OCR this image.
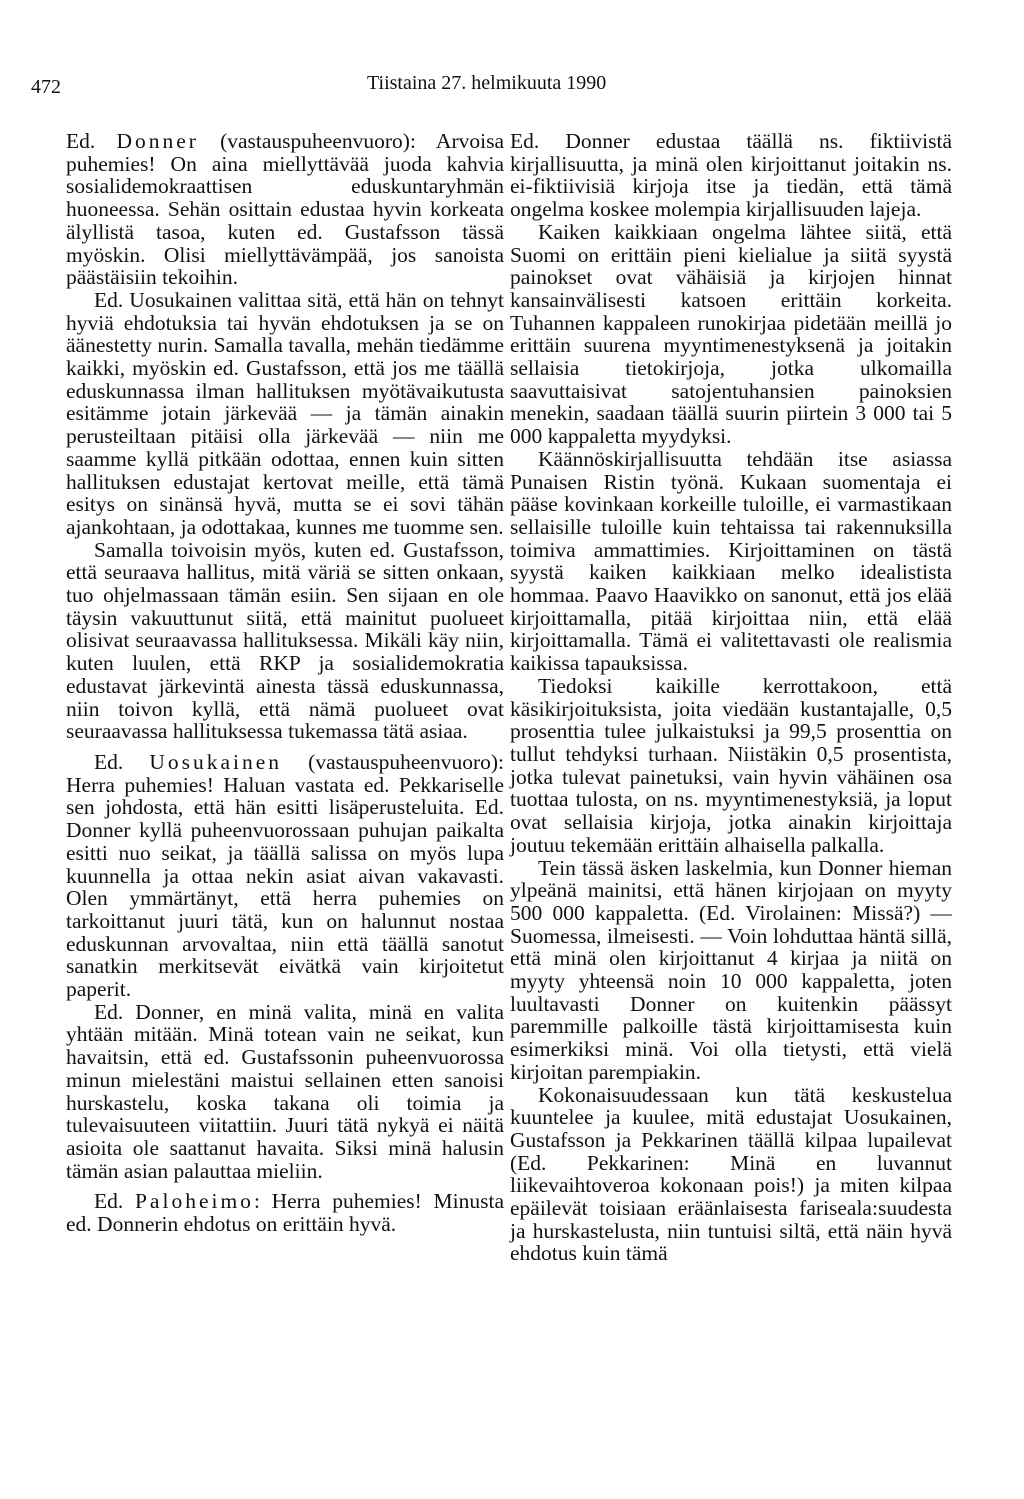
472	Tiistaina 27. helmikuuta 1990

Ed. Donner (vastauspuheenvuoro): Arvoisa puhemies! On aina miellyttävää juoda kahvia sosialidemokraattisen eduskuntaryhmän huoneessa. Sehän osittain edustaa hyvin korkeata älyllistä tasoa, kuten ed. Gustafsson tässä myöskin. Olisi miellyttävämpää, jos sanoista päästäisiin tekoihin.

Ed. Uosukainen valittaa sitä, että hän on tehnyt hyviä ehdotuksia tai hyvän ehdotuksen ja se on äänestetty nurin. Samalla tavalla, mehän tiedämme kaikki, myöskin ed. Gustafsson, että jos me täällä eduskunnassa ilman hallituksen myötävaikutusta esitämme jotain järkevää — ja tämän ainakin perusteiltaan pitäisi olla järkevää — niin me saamme kyllä pitkään odottaa, ennen kuin sitten hallituksen edustajat kertovat meille, että tämä esitys on sinänsä hyvä, mutta se ei sovi tähän ajankohtaan, ja odottakaa, kunnes me tuomme sen.

Samalla toivoisin myös, kuten ed. Gustafsson, että seuraava hallitus, mitä väriä se sitten onkaan, tuo ohjelmassaan tämän esiin. Sen sijaan en ole täysin vakuuttunut siitä, että mainitut puolueet olisivat seuraavassa hallituksessa. Mikäli käy niin, kuten luulen, että RKP ja sosialidemokratia edustavat järkevintä ainesta tässä eduskunnassa, niin toivon kyllä, että nämä puolueet ovat seuraavassa hallituksessa tukemassa tätä asiaa.

Ed. Uosukainen (vastauspuheenvuoro): Herra puhemies! Haluan vastata ed. Pekkariselle sen johdosta, että hän esitti lisäperusteluita. Ed. Donner kyllä puheenvuorossaan puhujan paikalta esitti nuo seikat, ja täällä salissa on myös lupa kuunnella ja ottaa nekin asiat aivan vakavasti. Olen ymmärtänyt, että herra puhemies on tarkoittanut juuri tätä, kun on halunnut nostaa eduskunnan arvovaltaa, niin että täällä sanotut sanatkin merkitsevät eivätkä vain kirjoitetut paperit.

Ed. Donner, en minä valita, minä en valita yhtään mitään. Minä totean vain ne seikat, kun havaitsin, että ed. Gustafssonin puheenvuorossa minun mielestäni maistui sellainen etten sanoisi hurskastelu, koska takana oli toimia ja tulevaisuuteen viitattiin. Juuri tätä nykyä ei näitä asioita ole saattanut havaita. Siksi minä halusin tämän asian palauttaa mieliin.

Ed. Paloheimo: Herra puhemies! Minusta ed. Donnerin ehdotus on erittäin hyvä.

Ed. Donner edustaa täällä ns. fiktiivistä kirjallisuutta, ja minä olen kirjoittanut joitakin ns. ei-fiktiivisiä kirjoja itse ja tiedän, että tämä ongelma koskee molempia kirjallisuuden lajeja.

Kaiken kaikkiaan ongelma lähtee siitä, että Suomi on erittäin pieni kielialue ja siitä syystä painokset ovat vähäisiä ja kirjojen hinnat kansainvälisesti katsoen erittäin korkeita. Tuhannen kappaleen runokirjaa pidetään meillä jo erittäin suurena myyntimenestyksenä ja joitakin sellaisia tietokirjoja, jotka ulkomailla saavuttaisivat satojentuhansien painoksien menekin, saadaan täällä suurin piirtein 3 000 tai 5 000 kappaletta myydyksi.

Käännöskirjallisuutta tehdään itse asiassa Punaisen Ristin työnä. Kukaan suomentaja ei pääse kovinkaan korkeille tuloille, ei varmastikaan sellaisille tuloille kuin tehtaissa tai rakennuksilla toimiva ammattimies. Kirjoittaminen on tästä syystä kaiken kaikkiaan melko idealistista hommaa. Paavo Haavikko on sanonut, että jos elää kirjoittamalla, pitää kirjoittaa niin, että elää kirjoittamalla. Tämä ei valitettavasti ole realismia kaikissa tapauksissa.

Tiedoksi kaikille kerrottakoon, että käsikirjoituksista, joita viedään kustantajalle, 0,5 prosenttia tulee julkaistuksi ja 99,5 prosenttia on tullut tehdyksi turhaan. Niistäkin 0,5 prosentista, jotka tulevat painetuksi, vain hyvin vähäinen osa tuottaa tulosta, on ns. myyntimenestyksiä, ja loput ovat sellaisia kirjoja, jotka ainakin kirjoittaja joutuu tekemään erittäin alhaisella palkalla.

Tein tässä äsken laskelmia, kun Donner hieman ylpeänä mainitsi, että hänen kirjojaan on myyty 500 000 kappaletta. (Ed. Virolainen: Missä?) — Suomessa, ilmeisesti. — Voin lohduttaa häntä sillä, että minä olen kirjoittanut 4 kirjaa ja niitä on myyty yhteensä noin 10 000 kappaletta, joten luultavasti Donner on kuitenkin päässyt paremmille palkoille tästä kirjoittamisesta kuin esimerkiksi minä. Voi olla tietysti, että vielä kirjoitan parempiakin.

Kokonaisuudessaan kun tätä keskustelua kuuntelee ja kuulee, mitä edustajat Uosukainen, Gustafsson ja Pekkarinen täällä kilpaa lupailevat (Ed. Pekkarinen: Minä en luvannut liikevaihtoveroa kokonaan pois!) ja miten kilpaa epäilevät toisiaan eräänlaisesta fariseala:suudesta ja hurskastelusta, niin tuntuisi siltä, että näin hyvä ehdotus kuin tämä
